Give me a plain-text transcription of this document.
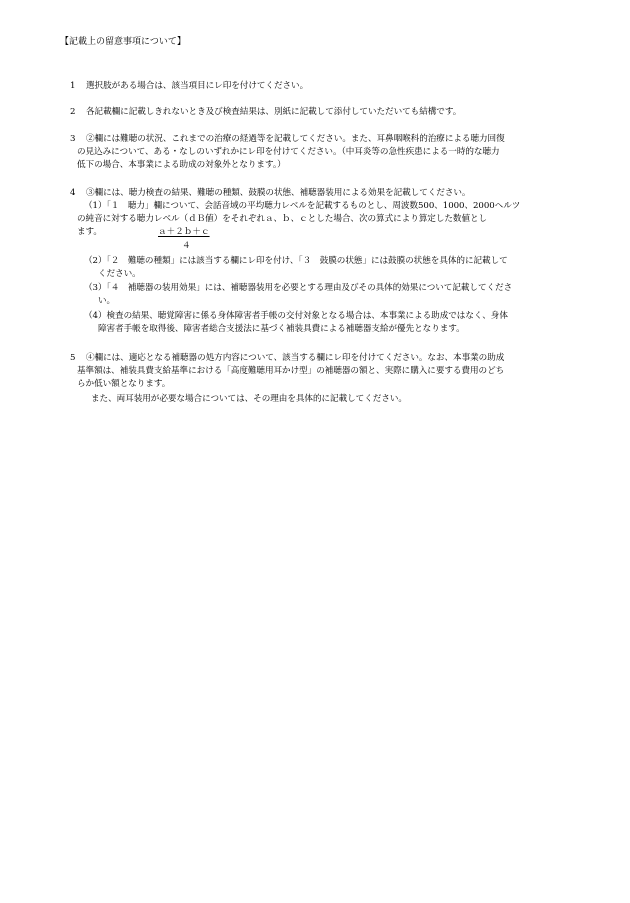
【記載上の留意事項について】
1 選択肢がある場合は、該当項目にレ印を付けてください。
2 各記載欄に記載しきれないとき及び検査結果は、別紙に記載して添付していただいても結構です。
3 ②欄には難聴の状況、これまでの治療の経過等を記載してください。また、耳鼻咽喉科的治療による聴力回復
の見込みについて、ある・なしのいずれかにレ印を付けてください。（中耳炎等の急性疾患による一時的な聴力
低下の場合、本事業による助成の対象外となります。）
4 ③欄には、聴力検査の結果、難聴の種類、鼓膜の状態、補聴器装用による効果を記載してください。
（1）「１　聴力」欄について、会話音域の平均聴力レベルを記載するものとし、周波数500、1000、2000ヘルツ
の純音に対する聴力レベル（ｄＢ値）をそれぞれａ、ｂ、ｃとした場合、次の算式により算定した数値とし
ます。	ａ＋２ｂ＋ｃ
４
（2）「２　難聴の種類」には該当する欄にレ印を付け、「３　鼓膜の状態」には鼓膜の状態を具体的に記載して
ください。
（3）「４　補聴器の装用効果」には、補聴器装用を必要とする理由及びその具体的効果について記載してくださ
い。
（4）検査の結果、聴覚障害に係る身体障害者手帳の交付対象となる場合は、本事業による助成ではなく、身体
障害者手帳を取得後、障害者総合支援法に基づく補装具費による補聴器支給が優先となります。
5 ④欄には、適応となる補聴器の処方内容について、該当する欄にレ印を付けてください。なお、本事業の助成
基準額は、補装具費支給基準における「高度難聴用耳かけ型」の補聴器の額と、実際に購入に要する費用のどち
らか低い額となります。
また、両耳装用が必要な場合については、その理由を具体的に記載してください。
